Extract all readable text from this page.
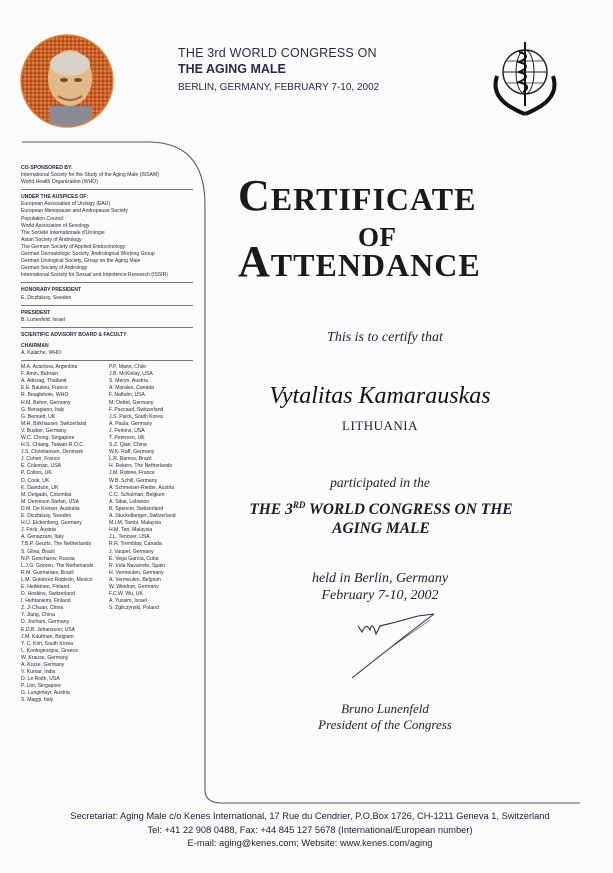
THE 3rd WORLD CONGRESS ON
THE AGING MALE
BERLIN, GERMANY, FEBRUARY 7-10, 2002
CO-SPONSORED BY:
International Society for the Study of the Aging Male (ISSAM)
World Health Organization (WHO)
UNDER THE AUSPICES OF:
European Association of Urology (EAU)
European Menopause and Andropause Society
Population Council
World Association of Sexology
The Société Internationale d'Urologie
Asian Society of Andrology
The German Society of Applied Endocrinology
German Dermatologic Society, Andrological Working Group
German Urological Society, Group on the Aging Male
German Society of Andrology
International Society for Sexual and Impotence Research (ISSIR)
HONORARY PRESIDENT
E. Diczfalusy, Sweden
PRESIDENT
B. Lunenfeld, Israel
SCIENTIFIC ADVISORY BOARD & FACULTY
CHAIRMAN
A. Kalache, WHO
M.A. Acantora, Argentina
F. Amin, Bahrain
A. Attisrag, Thailand
E.E. Baulieu, France
R. Beaglehole, WHO
H.M. Behre, Germany
G. Benagiano, Italy
G. Bennett, UK
M.H. Birkhauser, Switzerland
V. Busber, Germany
W.C. Chong, Singapore
H.S. Chiang, Taiwan-R.O.C.
J.S. Christiansen, Denmark
J. Cohen, France
E. Coleman, USA
P. Collins, UK
D. Cook, UK
K. Davidson, UK
M. Delgado, Colombia
M. Dennison Stefan, USA
D.M. De Kretser, Australia
E. Diczfalusy, Sweden
H.U. Eickenberg, Germany
J. Frick, Austria
A. Genazzani, Italy
T.B.P. Geurts, The Netherlands
S. Glina, Brazil
N.P. Goncharov, Russia
L.J.G. Gooren, The Netherlands
R.M. Guimaraes, Brazil
L.M. Gutiérrez Robledo, Mexico
E. Heikkinen, Finland
D. Hoskins, Switzerland
I. Huhtaniemi, Finland
Z. Ji Chuan, China
Y. Jiang, China
D. Jocham, Germany
E.D.B. Johansson, USA
J.M. Kaufman, Belgium
Y. C. Kim, South Korea
L. Kontogeorgos, Greece
W. Krause, Germany
A. Kruse, Germany
V. Kumar, India
D. Le Roith, USA
P. Lim, Singapore
G. Lungimayr, Austria
S. Maggi, Italy
P.P. Mann, Chile
J.B. McKinlay, USA
S. Meryn, Austria
A. Morales, Canada
F. Naftolin, USA
M. Oettel, Germany
F. Paccaud, Switzerland
J.S. Paick, South Korea
A. Paula, Germany
J. Perkins, USA
T. Petersen, UK
S.Z. Qian, China
W.K. Raff, Germany
L.R. Ramos, Brazil
H. Rekers, The Netherlands
J.M. Robine, France
W.B. Schill, Germany
A. Schmeiser-Rieder, Austria
C.C. Schulman, Belgium
A. Sibai, Lebanon
B. Spencer, Switzerland
A. Stuckelberger, Switzerland
M.I.M. Tambi, Malaysia
H.M. Tan, Malaysia
J.L. Tenover, USA
R.R. Tremblay, Canada
J. Vaupel, Germany
E. Vega García, Cuba
R. Vela Navarrete, Spain
H. Vermeulen, Germany
A. Vermeulen, Belgium
W. Weidner, Germany
F.C.W. Wu, UK
A. Yussim, Israel
S. Zgliczynski, Poland
CERTIFICATE
OF
ATTENDANCE
This is to certify that
Vytalitas Kamarauskas
LITHUANIA
participated in the
THE 3RD WORLD CONGRESS ON THE
AGING MALE
held in Berlin, Germany
February 7-10, 2002
Bruno Lunenfeld
President of the Congress
Secretariat: Aging Male c/o Kenes International, 17 Rue du Cendrier, P.O.Box 1726, CH-1211 Geneva 1, Switzerland
Tel: +41 22 908 0488, Fax: +44 845 127 5678 (International/European number)
E-mail: aging@kenes.com; Website: www.kenes.com/aging
